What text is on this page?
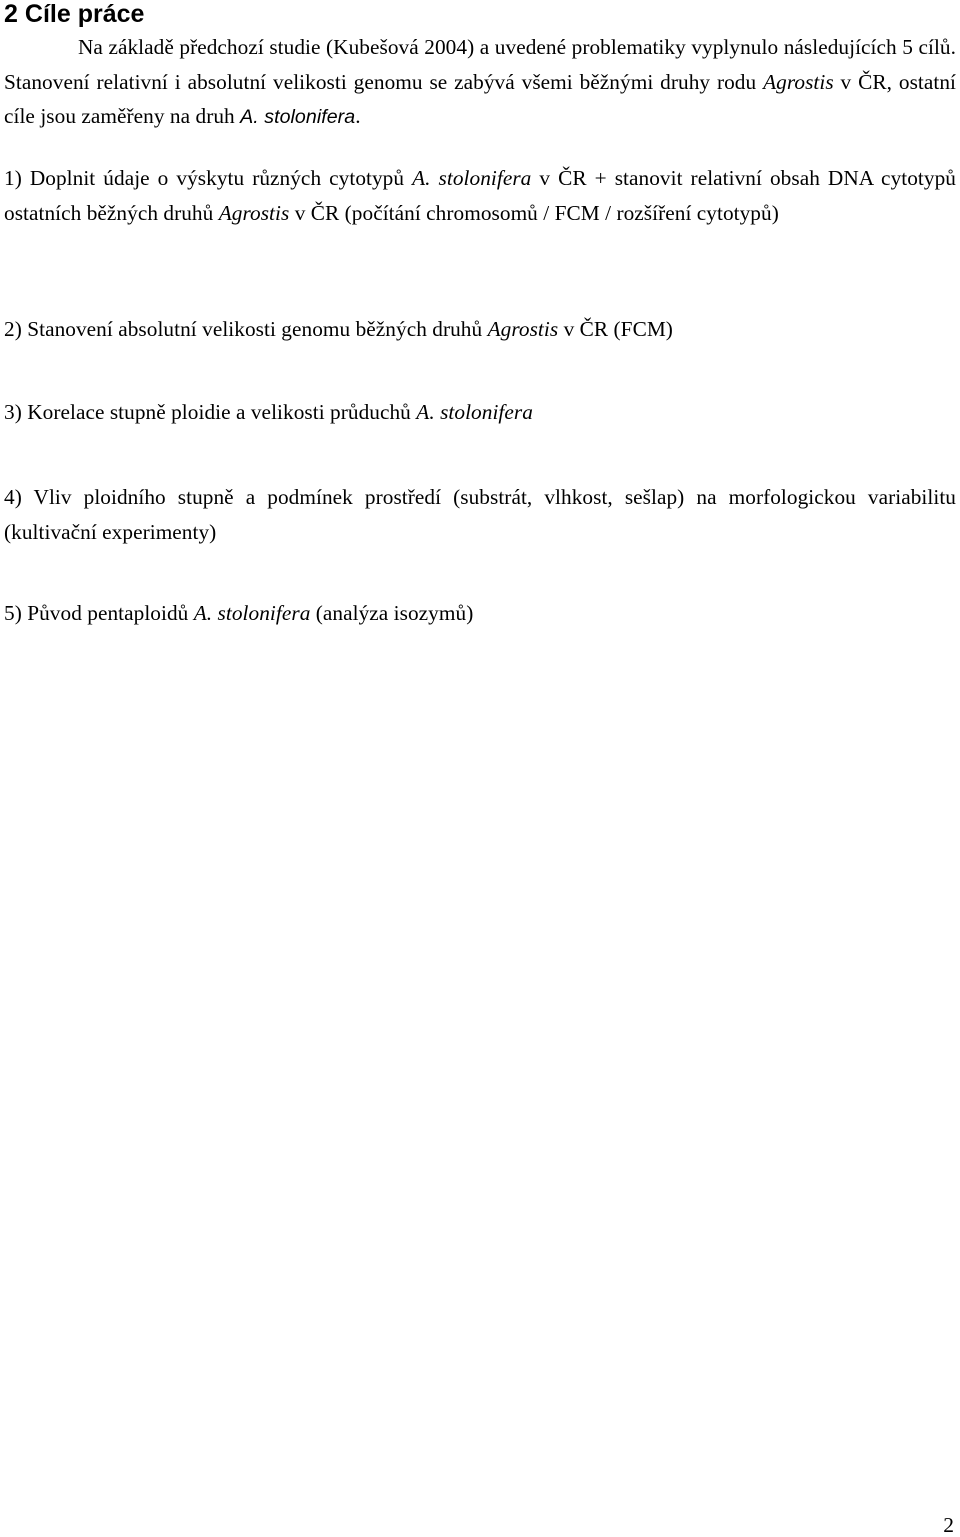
2 Cíle práce

Na základě předchozí studie (Kubešová 2004) a uvedené problematiky vyplynulo následujících 5 cílů. Stanovení relativní i absolutní velikosti genomu se zabývá všemi běžnými druhy rodu Agrostis v ČR, ostatní cíle jsou zaměřeny na druh A. stolonifera.

1) Doplnit údaje o výskytu různých cytotypů A. stolonifera v ČR + stanovit relativní obsah DNA cytotypů ostatních běžných druhů Agrostis v ČR (počítání chromosomů / FCM / rozšíření cytotypů)

2) Stanovení absolutní velikosti genomu běžných druhů Agrostis v ČR (FCM)

3) Korelace stupně ploidie a velikosti průduchů A. stolonifera

4) Vliv ploidního stupně a podmínek prostředí (substrát, vlhkost, sešlap) na morfologickou variabilitu (kultivační experimenty)

5) Původ pentaploidů A. stolonifera (analýza isozymů)

2
